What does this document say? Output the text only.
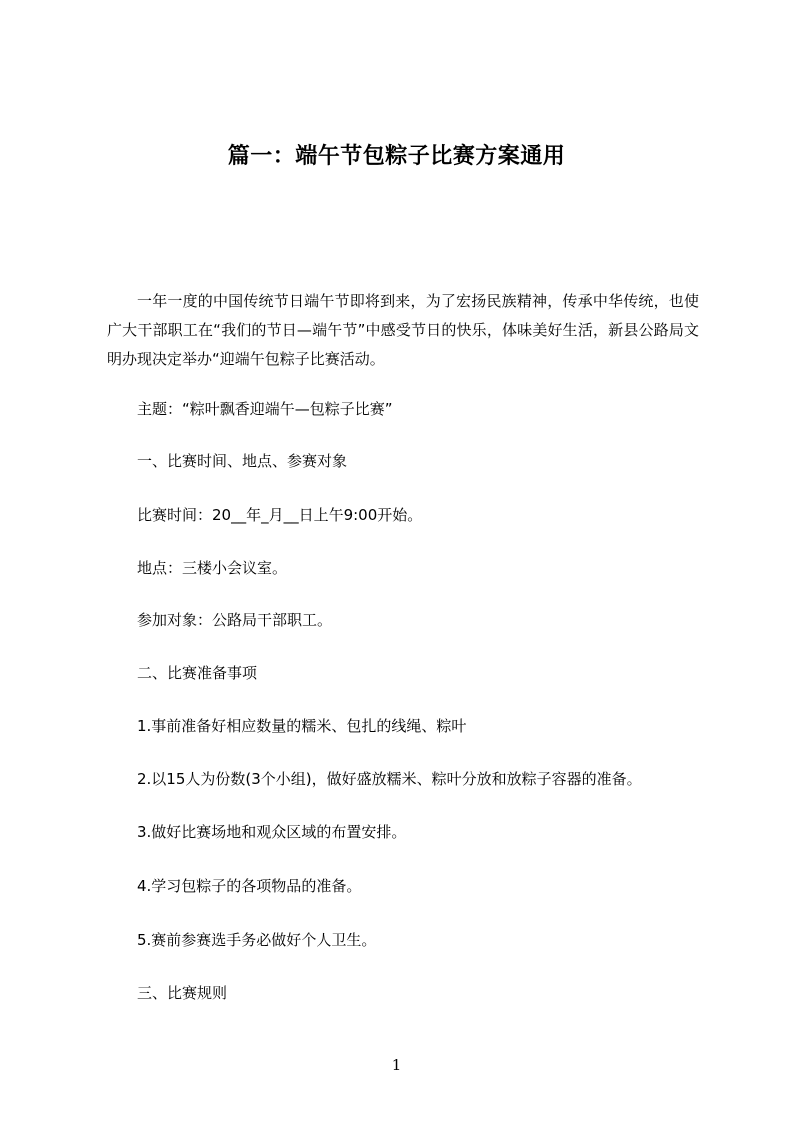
篇一：端午节包粽子比赛方案通用
一年一度的中国传统节日端午节即将到来，为了宏扬民族精神，传承中华传统，也使广大干部职工在“我们的节日—端午节”中感受节日的快乐，体味美好生活，新县公路局文明办现决定举办“迎端午包粽子比赛活动。
主题：“粽叶飘香迎端午—包粽子比赛”
一、比赛时间、地点、参赛对象
比赛时间：20__年_月__日上午9:00开始。
地点：三楼小会议室。
参加对象：公路局干部职工。
二、比赛准备事项
1.事前准备好相应数量的糯米、包扎的线绳、粽叶
2.以15人为份数(3个小组)，做好盛放糯米、粽叶分放和放粽子容器的准备。
3.做好比赛场地和观众区域的布置安排。
4.学习包粽子的各项物品的准备。
5.赛前参赛选手务必做好个人卫生。
三、比赛规则
1
